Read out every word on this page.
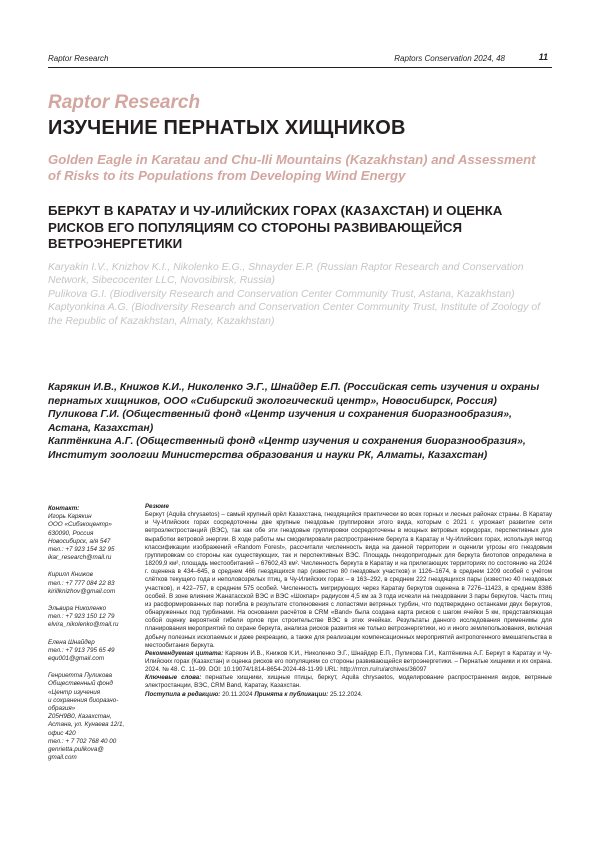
Raptor Research	Raptors Conservation 2024, 48	11
Raptor Research
ИЗУЧЕНИЕ ПЕРНАТЫХ ХИЩНИКОВ
Golden Eagle in Karatau and Chu-Ili Mountains (Kazakhstan) and Assessment of Risks to its Populations from Developing Wind Energy
БЕРКУТ В КАРАТАУ И ЧУ-ИЛИЙСКИХ ГОРАХ (КАЗАХСТАН) И ОЦЕНКА РИСКОВ ЕГО ПОПУЛЯЦИЯМ СО СТОРОНЫ РАЗВИВАЮЩЕЙСЯ ВЕТРОЭНЕРГЕТИКИ

Karyakin I.V., Knizhov K.I., Nikolenko E.G., Shnayder E.P. (Russian Raptor Research and Conservation Network, Sibecocenter LLC, Novosibirsk, Russia)

Pulikova G.I. (Biodiversity Research and Conservation Center Community Trust, Astana, Kazakhstan)

Kaptyonkina A.G. (Biodiversity Research and Conservation Center Community Trust, Institute of Zoology of the Republic of Kazakhstan, Almaty, Kazakhstan)

Карякин И.В., Книжов К.И., Николенко Э.Г., Шнайдер Е.П. (Российская сеть изучения и охраны пернатых хищников, ООО «Сибирский экологический центр», Новосибирск, Россия)

Пуликова Г.И. (Общественный фонд «Центр изучения и сохранения биоразнообразия», Астана, Казахстан)

Каптёнкина А.Г. (Общественный фонд «Центр изучения и сохранения биоразнообразия», Институт зоологии Министерства образования и науки РК, Алматы, Казахстан)

Контакт:
Игорь Карякин
ООО «Сибэкоцентр»
630090, Россия
Новосибирск, а/я 547
тел.: +7 923 154 32 95
ikar_research@mail.ru
Кирилл Книжов
тел.: +7 777 084 22 83
kirillknizhov@gmail.com
Эльвира Николенко
тел.: +7 923 150 12 79
elvira_nikolenko@mail.ru
Елена Шнайдер
тел.: +7 913 795 65 49
equ001@gmail.com
Генриетта Пуликова
Общественный фонд
«Центр изучения
и сохранения биоразно-
образия»
Z05H9B0, Казахстан,
Астана, ул. Кунаева 12/1,
офис 420
тел.: + 7 702 768 40 00
genrietta.pulikova@
gmail.com

Резюме

Беркут (Aquila chrysaetos) – самый крупный орёл Казахстана, гнездящийся практически во всех горных и лесных районах страны. В Каратау и Чу-Илийских горах сосредоточены две крупные гнездовые группировки этого вида, которым с 2021 г. угрожает развитие сети ветроэлектростанций (ВЭС), так как обе эти гнездовые группировки сосредоточены в мощных ветровых коридорах, перспективных для выработки ветровой энергии. В ходе работы мы смоделировали распространение беркута в Каратау и Чу-Илийских горах, используя метод классификации изображений «Random Forest», рассчитали численность вида на данной территории и оценили угрозы его гнездовым группировкам со стороны как существующих, так и перспективных ВЭС. Площадь гнездопригодных для беркута биотопов определена в 18209,9 км², площадь местообитаний – 67602,43 км². Численность беркута в Каратау и на прилегающих территориях по состоянию на 2024 г. оценена в 434–645, в среднем 466 гнездящихся пар (известно 80 гнездовых участков) и 1126–1674, в среднем 1209 особей с учётом слётков текущего года и неполовозрелых птиц, в Чу-Илийских горах – в 163–292, в среднем 222 гнездящихся пары (известно 40 гнездовых участков), и 422–757, в среднем 575 особей. Численность мигрирующих через Каратау беркутов оценена в 7276–11423, в среднем 8386 особей. В зоне влияния Жанатасской ВЭС и ВЭС «Шокпар» радиусом 4,5 км за 3 года исчезли на гнездовании 3 пары беркутов. Часть птиц из расформированных пар погибла в результате столкновения с лопастями ветряных турбин, что подтверждено останками двух беркутов, обнаруженных под турбинами. На основании расчётов в CRM «Band» была создана карта рисков с шагом ячейки 5 км, представляющая собой оценку вероятной гибели орлов при строительстве ВЭС в этих ячейках. Результаты данного исследования применимы для планирования мероприятий по охране беркута, анализа рисков развития не только ветроэнергетики, но и иного землепользования, включая добычу полезных ископаемых и даже рекреацию, а также для реализации компенсационных мероприятий антропогенного вмешательства в местообитания беркута.

Рекомендуемая цитата: Карякин И.В., Книжов К.И., Николенко Э.Г., Шнайдер Е.П., Пуликова Г.И., Каптёнкина А.Г. Беркут в Каратау и Чу-Илийских горах (Казахстан) и оценка рисков его популяциям со стороны развивающейся ветроэнергетики. – Пернатые хищники и их охрана. 2024. № 48. С. 11–99. DOI: 10.19074/1814-8654-2024-48-11-99 URL: http://rrrcn.ru/ru/archives/36097

Ключевые слова: пернатые хищники, хищные птицы, беркут, Aquila chrysaetos, моделирование распространения видов, ветряные электростанции, ВЭС, CRM Band, Каратау, Казахстан.

Поступила в редакцию: 20.11.2024 Принята к публикации: 25.12.2024.
